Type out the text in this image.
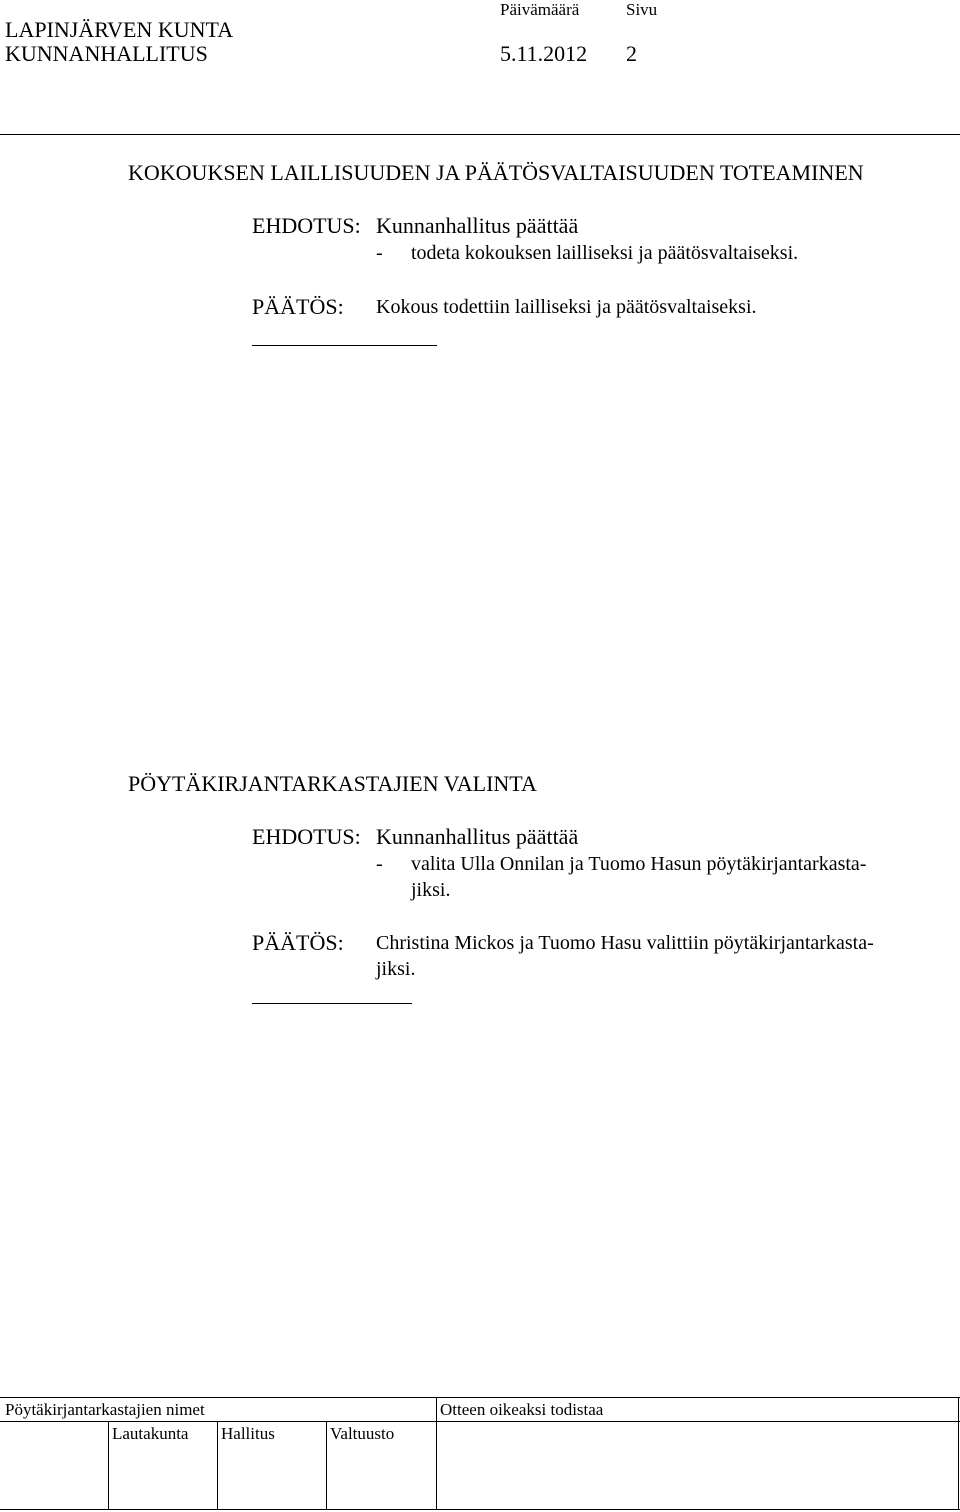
LAPINJÄRVEN KUNTA
KUNNANHALLITUS
Päivämäärä
5.11.2012
Sivu
2
KOKOUKSEN LAILLISUUDEN JA PÄÄTÖSVALTAISUUDEN TOTEAMINEN
EHDOTUS: Kunnanhallitus päättää
- todeta kokouksen lailliseksi ja päätösvaltaiseksi.
PÄÄTÖS: Kokous todettiin lailliseksi ja päätösvaltaiseksi.
PÖYTÄKIRJANTARKASTAJIEN VALINTA
EHDOTUS: Kunnanhallitus päättää
- valita Ulla Onnilan ja Tuomo Hasun pöytäkirjantarkasta-
jiksi.
PÄÄTÖS: Christina Mickos ja Tuomo Hasu valittiin pöytäkirjantarkasta-
jiksi.
Pöytäkirjantarkastajien nimet	Otteen oikeaksi todistaa
Lautakunta Hallitus	Valtuusto
